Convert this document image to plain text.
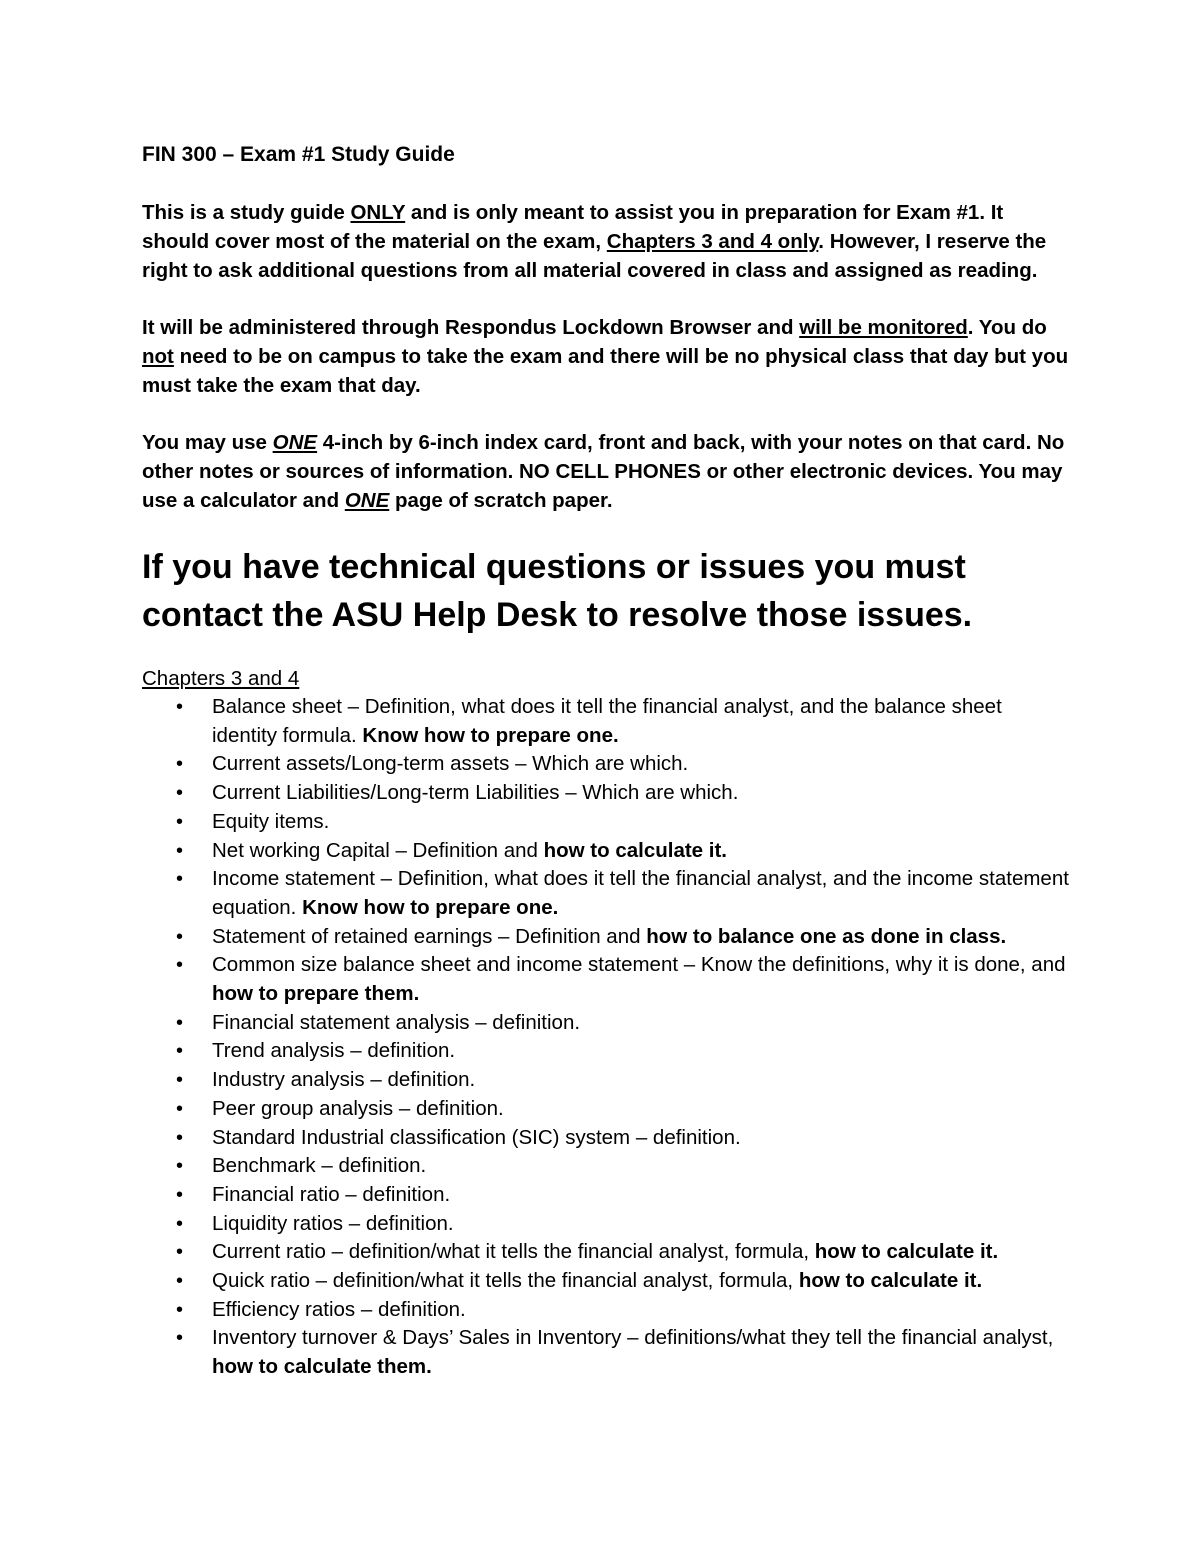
FIN 300 – Exam #1 Study Guide

This is a study guide ONLY and is only meant to assist you in preparation for Exam #1. It should cover most of the material on the exam, Chapters 3 and 4 only. However, I reserve the right to ask additional questions from all material covered in class and assigned as reading.

It will be administered through Respondus Lockdown Browser and will be monitored. You do not need to be on campus to take the exam and there will be no physical class that day but you must take the exam that day.

You may use ONE 4-inch by 6-inch index card, front and back, with your notes on that card. No other notes or sources of information. NO CELL PHONES or other electronic devices. You may use a calculator and ONE page of scratch paper.

If you have technical questions or issues you must contact the ASU Help Desk to resolve those issues.
Chapters 3 and 4
• Balance sheet – Definition, what does it tell the financial analyst, and the balance sheet identity formula. Know how to prepare one.
• Current assets/Long-term assets – Which are which.
• Current Liabilities/Long-term Liabilities – Which are which.
• Equity items.
• Net working Capital – Definition and how to calculate it.
• Income statement – Definition, what does it tell the financial analyst, and the income statement equation. Know how to prepare one.
• Statement of retained earnings – Definition and how to balance one as done in class.
• Common size balance sheet and income statement – Know the definitions, why it is done, and how to prepare them.
• Financial statement analysis – definition.
• Trend analysis – definition.
• Industry analysis – definition.
• Peer group analysis – definition.
• Standard Industrial classification (SIC) system – definition.
• Benchmark – definition.
• Financial ratio – definition.
• Liquidity ratios – definition.
• Current ratio – definition/what it tells the financial analyst, formula, how to calculate it.
• Quick ratio – definition/what it tells the financial analyst, formula, how to calculate it.
• Efficiency ratios – definition.
• Inventory turnover & Days’ Sales in Inventory – definitions/what they tell the financial analyst, how to calculate them.
